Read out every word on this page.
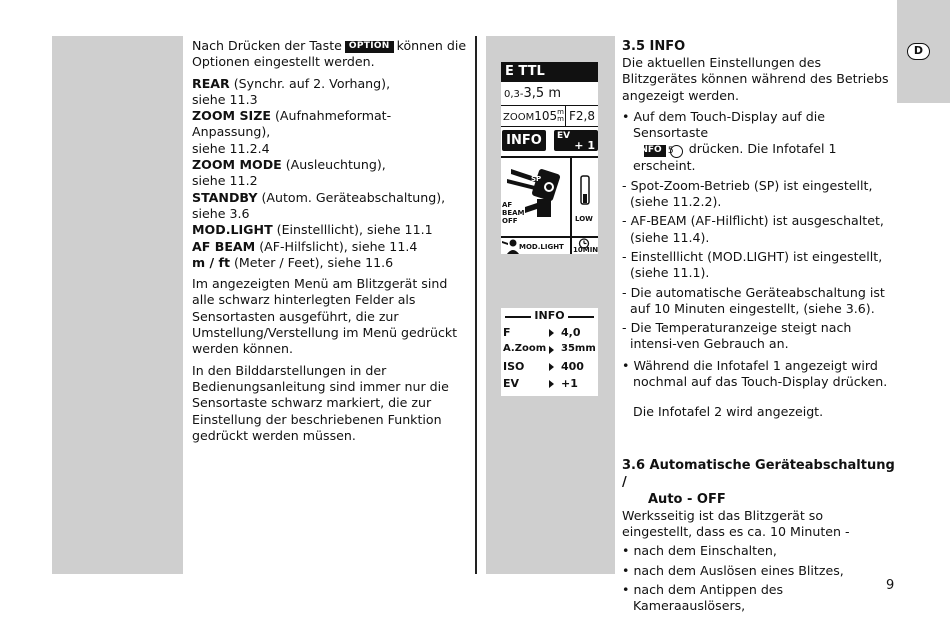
D

Nach Drücken der Taste OPTION können die Optionen eingestellt werden.

REAR (Synchr. auf 2. Vorhang),
siehe 11.3

ZOOM SIZE (Aufnahmeformat-Anpassung),
siehe 11.2.4

ZOOM MODE (Ausleuchtung),
siehe 11.2

STANDBY (Autom. Geräteabschaltung),
siehe 3.6

MOD.LIGHT (Einstelllicht), siehe 11.1

AF BEAM (AF-Hilfslicht), siehe 11.4

m / ft (Meter / Feet), siehe 11.6

Im angezeigten Menü am Blitzgerät sind alle schwarz hinterlegten Felder als Sensortasten ausgeführt, die zur Umstellung/Verstellung im Menü gedrückt werden können.

In den Bilddarstellungen in der Bedienungsanleitung sind immer nur die Sensortaste schwarz markiert, die zur Einstellung der beschriebenen Funktion gedrückt werden müssen.

E TTL
0,3-3,5 m
ZOOM105m
m F2,8
INFO	EV
+ 1
SP
AF
BEAM
OFF	LOW
MOD.LIGHT 10MIN
INFO
F	4,0
A.Zoom 35mm
ISO	400
EV	+1
3.5 INFO

Die aktuellen Einstellungen des Blitzgerätes können während des Betriebs angezeigt werden.

• Auf dem Touch-Display auf die Sensortaste
INFO 5 drücken. Die Infotafel 1 erscheint.

- Spot-Zoom-Betrieb (SP) ist eingestellt, (siehe 11.2.2).

- AF-BEAM (AF-Hilflicht) ist ausgeschaltet, (siehe 11.4).

- Einstelllicht (MOD.LIGHT) ist eingestellt, (siehe 11.1).

- Die automatische Geräteabschaltung ist auf 10 Minuten eingestellt, (siehe 3.6).

- Die Temperaturanzeige steigt nach intensi-ven Gebrauch an.

• Während die Infotafel 1 angezeigt wird nochmal auf das Touch-Display drücken.

Die Infotafel 2 wird angezeigt.

3.6 Automatische Geräteabschaltung /
Auto - OFF

Werksseitig ist das Blitzgerät so eingestellt, dass es ca. 10 Minuten -

• nach dem Einschalten,

• nach dem Auslösen eines Blitzes,

• nach dem Antippen des Kameraauslösers,

9
